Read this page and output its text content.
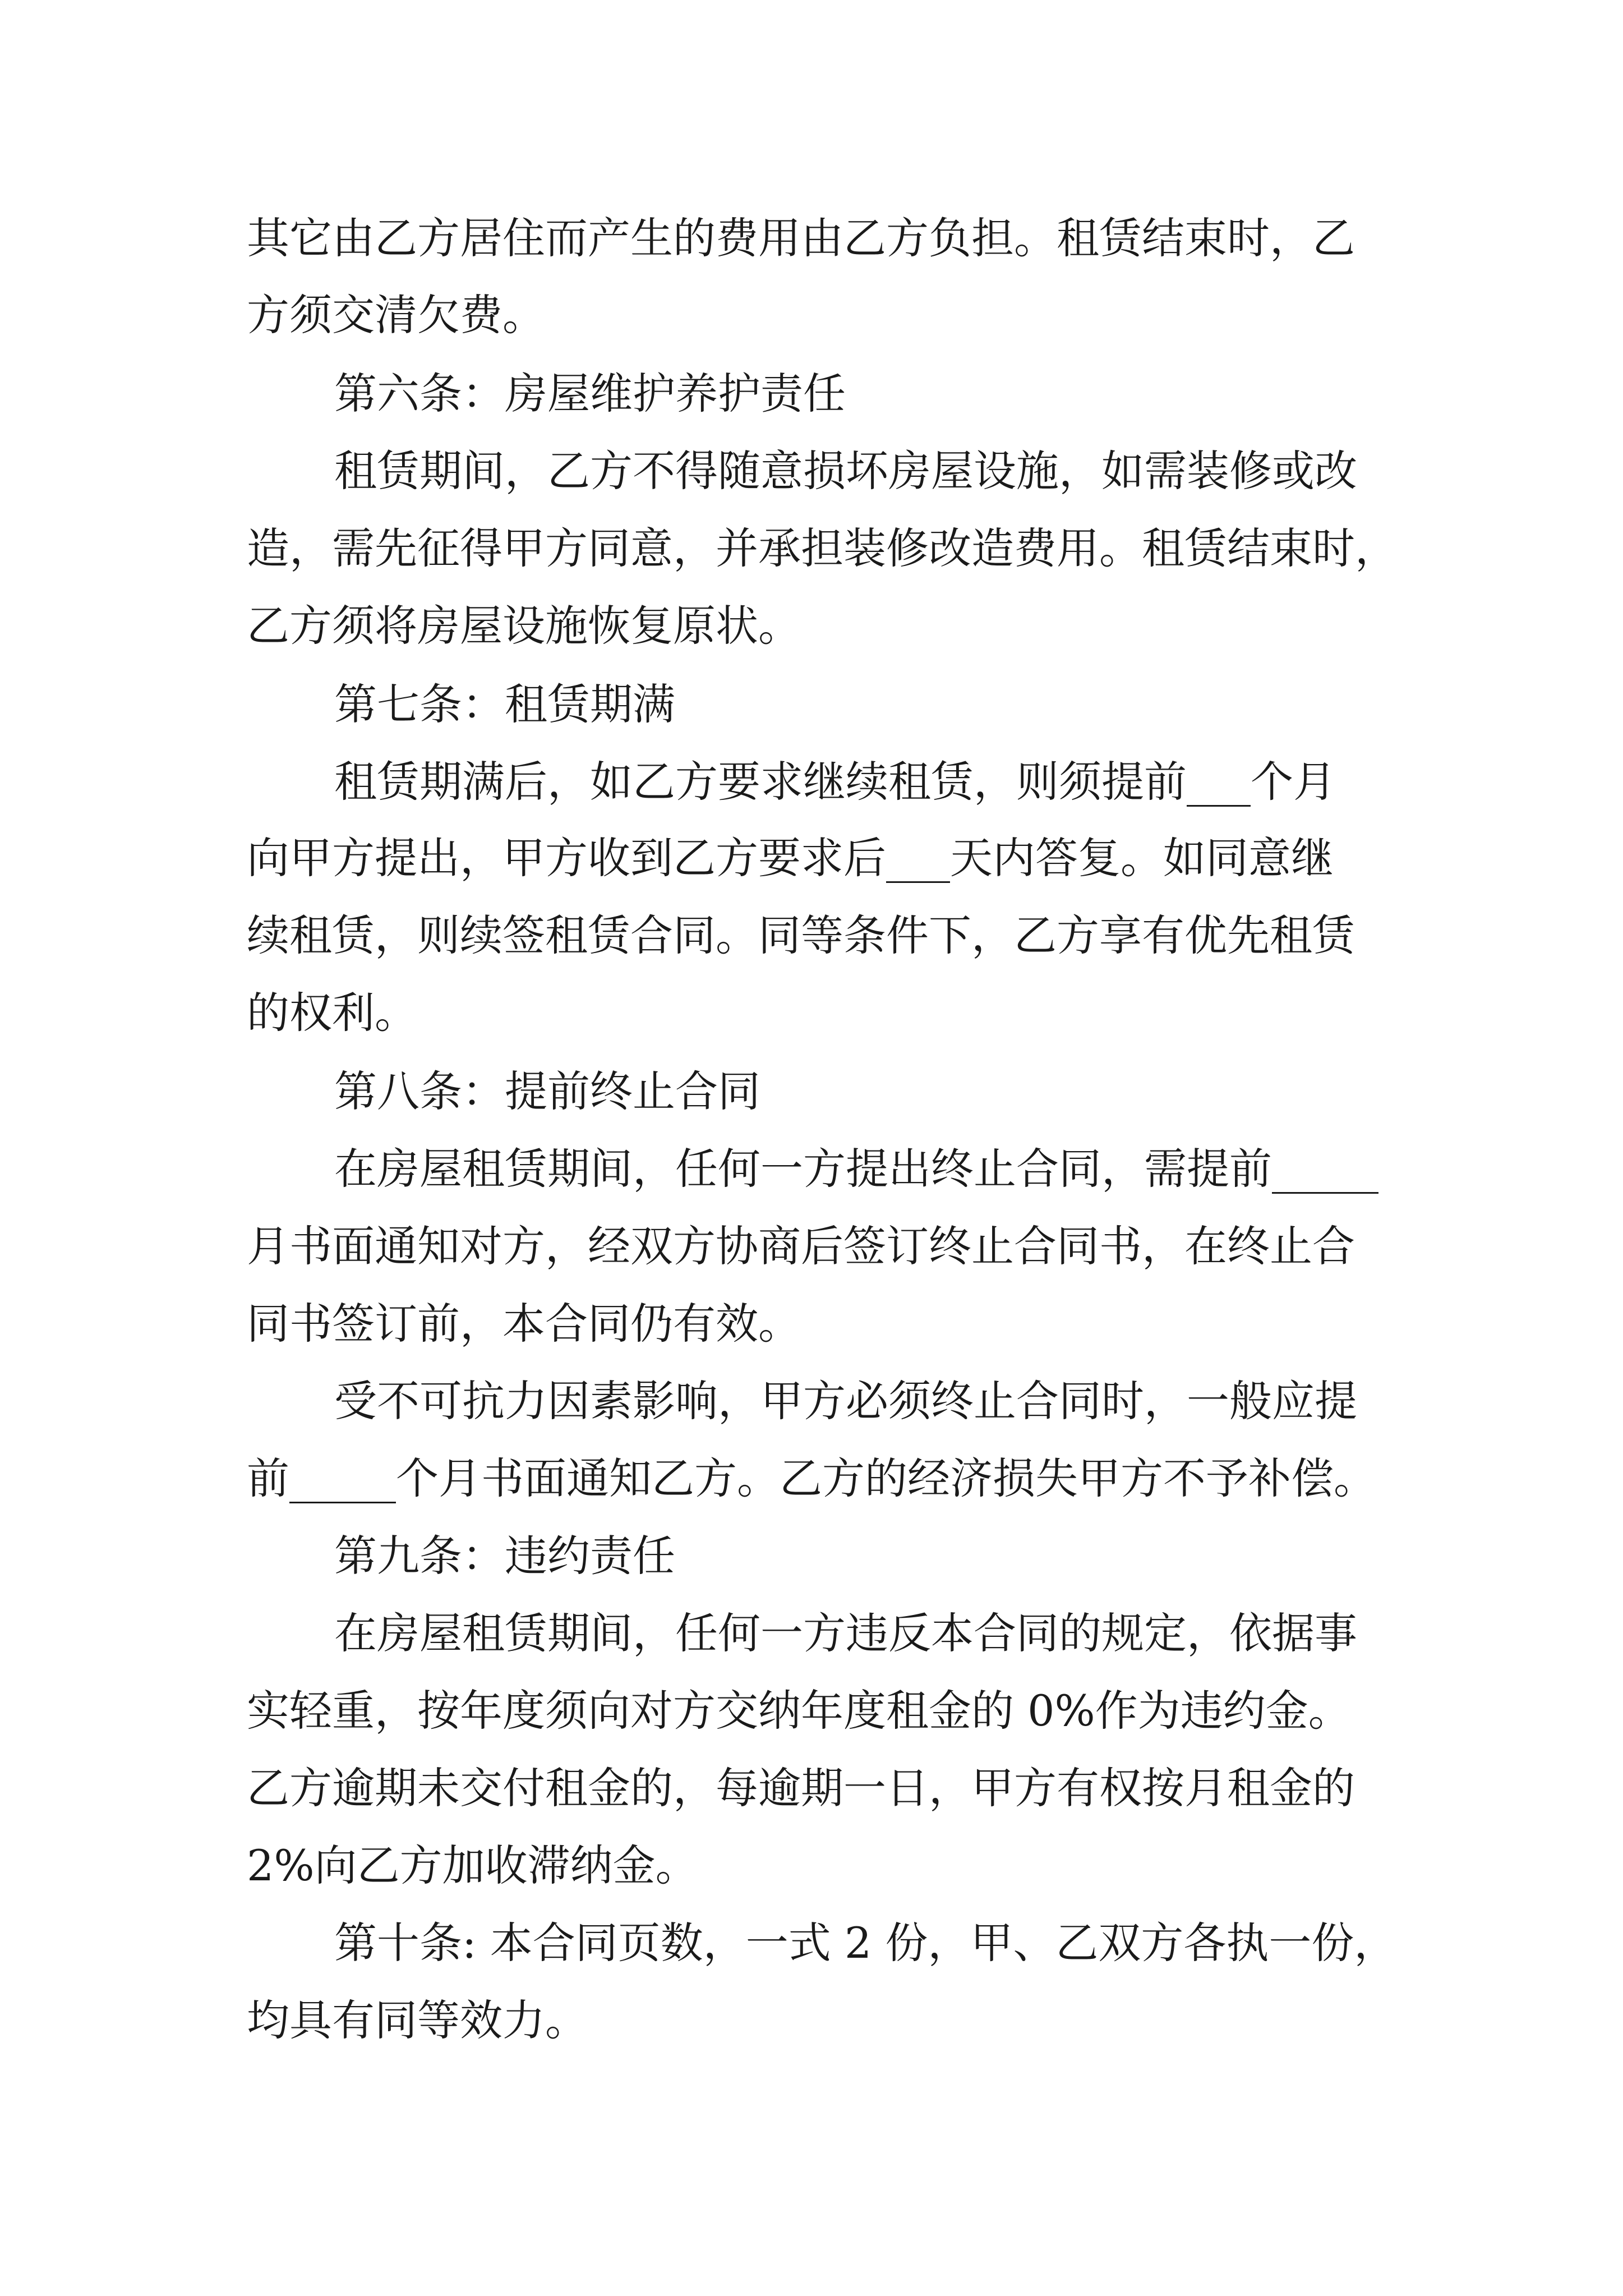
其它由乙方居住而产生的费用由乙方负担。租赁结束时，乙

方须交清欠费。

第六条：房屋维护养护责任

租赁期间，乙方不得随意损坏房屋设施，如需装修或改

造，需先征得甲方同意，并承担装修改造费用。租赁结束时，

乙方须将房屋设施恢复原状。

第七条：租赁期满

租赁期满后，如乙方要求继续租赁，则须提前___个月

向甲方提出，甲方收到乙方要求后___天内答复。如同意继

续租赁，则续签租赁合同。同等条件下，乙方享有优先租赁

的权利。

第八条：提前终止合同

在房屋租赁期间，任何一方提出终止合同，需提前_____

月书面通知对方，经双方协商后签订终止合同书，在终止合

同书签订前，本合同仍有效。

受不可抗力因素影响，甲方必须终止合同时，一般应提

前_____个月书面通知乙方。乙方的经济损失甲方不予补偿。

第九条：违约责任

在房屋租赁期间，任何一方违反本合同的规定，依据事

实轻重，按年度须向对方交纳年度租金的 0%作为违约金。

乙方逾期未交付租金的，每逾期一日，甲方有权按月租金的

2%向乙方加收滞纳金。

第十条: 本合同页数，一式 2 份，甲、乙双方各执一份，

均具有同等效力。
